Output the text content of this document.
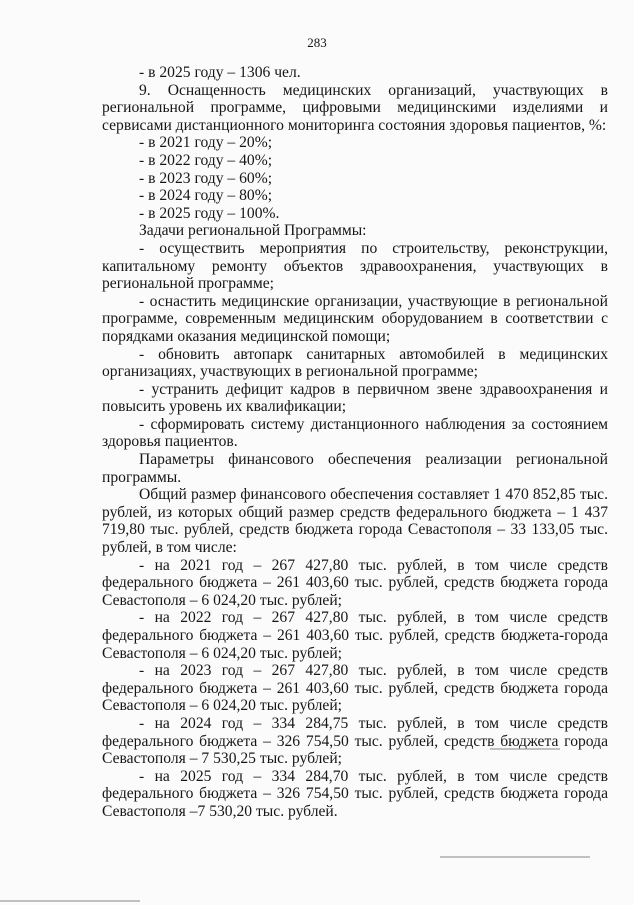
283

- в 2025 году – 1306 чел.

9. Оснащенность медицинских организаций, участвующих в региональной программе, цифровыми медицинскими изделиями и сервисами дистанционного мониторинга состояния здоровья пациентов, %:

- в 2021 году – 20%;

- в 2022 году – 40%;

- в 2023 году – 60%;

- в 2024 году – 80%;

- в 2025 году – 100%.

Задачи региональной Программы:

- осуществить мероприятия по строительству, реконструкции, капитальному ремонту объектов здравоохранения, участвующих в региональной программе;

- оснастить медицинские организации, участвующие в региональной программе, современным медицинским оборудованием в соответствии с порядками оказания медицинской помощи;

- обновить автопарк санитарных автомобилей в медицинских организациях, участвующих в региональной программе;

- устранить дефицит кадров в первичном звене здравоохранения и повысить уровень их квалификации;

- сформировать систему дистанционного наблюдения за состоянием здоровья пациентов.

Параметры финансового обеспечения реализации региональной программы.

Общий размер финансового обеспечения составляет 1 470 852,85 тыс. рублей, из которых общий размер средств федерального бюджета – 1 437 719,80 тыс. рублей, средств бюджета города Севастополя – 33 133,05 тыс. рублей, в том числе:

- на 2021 год – 267 427,80 тыс. рублей, в том числе средств федерального бюджета – 261 403,60 тыс. рублей, средств бюджета города Севастополя – 6 024,20 тыс. рублей;

- на 2022 год – 267 427,80 тыс. рублей, в том числе средств федерального бюджета – 261 403,60 тыс. рублей, средств бюджета-города Севастополя – 6 024,20 тыс. рублей;

- на 2023 год – 267 427,80 тыс. рублей, в том числе средств федерального бюджета – 261 403,60 тыс. рублей, средств бюджета города Севастополя – 6 024,20 тыс. рублей;

- на 2024 год – 334 284,75 тыс. рублей, в том числе средств федерального бюджета – 326 754,50 тыс. рублей, средств бюджета города Севастополя – 7 530,25 тыс. рублей;

- на 2025 год – 334 284,70 тыс. рублей, в том числе средств федерального бюджета – 326 754,50 тыс. рублей, средств бюджета города Севастополя –7 530,20 тыс. рублей.
